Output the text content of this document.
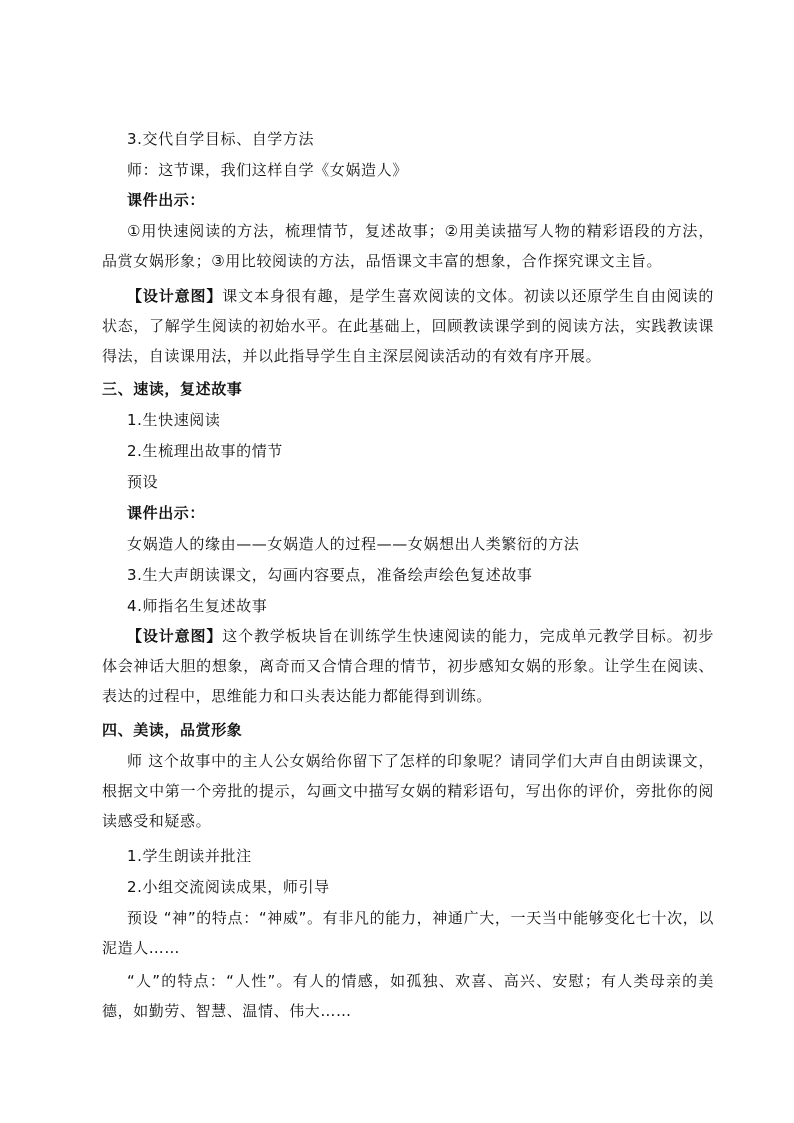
3.交代自学目标、自学方法
师：这节课，我们这样自学《女娲造人》
课件出示：
①用快速阅读的方法，梳理情节，复述故事；②用美读描写人物的精彩语段的方法，品赏女娲形象；③用比较阅读的方法，品悟课文丰富的想象，合作探究课文主旨。
【设计意图】课文本身很有趣，是学生喜欢阅读的文体。初读以还原学生自由阅读的状态，了解学生阅读的初始水平。在此基础上，回顾教读课学到的阅读方法，实践教读课得法，自读课用法，并以此指导学生自主深层阅读活动的有效有序开展。
三、速读，复述故事
1.生快速阅读
2.生梳理出故事的情节
预设
课件出示：
女娲造人的缘由——女娲造人的过程——女娲想出人类繁衍的方法
3.生大声朗读课文，勾画内容要点，准备绘声绘色复述故事
4.师指名生复述故事
【设计意图】这个教学板块旨在训练学生快速阅读的能力，完成单元教学目标。初步体会神话大胆的想象，离奇而又合情合理的情节，初步感知女娲的形象。让学生在阅读、表达的过程中，思维能力和口头表达能力都能得到训练。
四、美读，品赏形象
师 这个故事中的主人公女娲给你留下了怎样的印象呢？请同学们大声自由朗读课文，根据文中第一个旁批的提示，勾画文中描写女娲的精彩语句，写出你的评价，旁批你的阅读感受和疑惑。
1.学生朗读并批注
2.小组交流阅读成果，师引导
预设 “神”的特点：“神威”。有非凡的能力，神通广大，一天当中能够变化七十次，以泥造人……
“人”的特点：“人性”。有人的情感，如孤独、欢喜、高兴、安慰；有人类母亲的美德，如勤劳、智慧、温情、伟大……
